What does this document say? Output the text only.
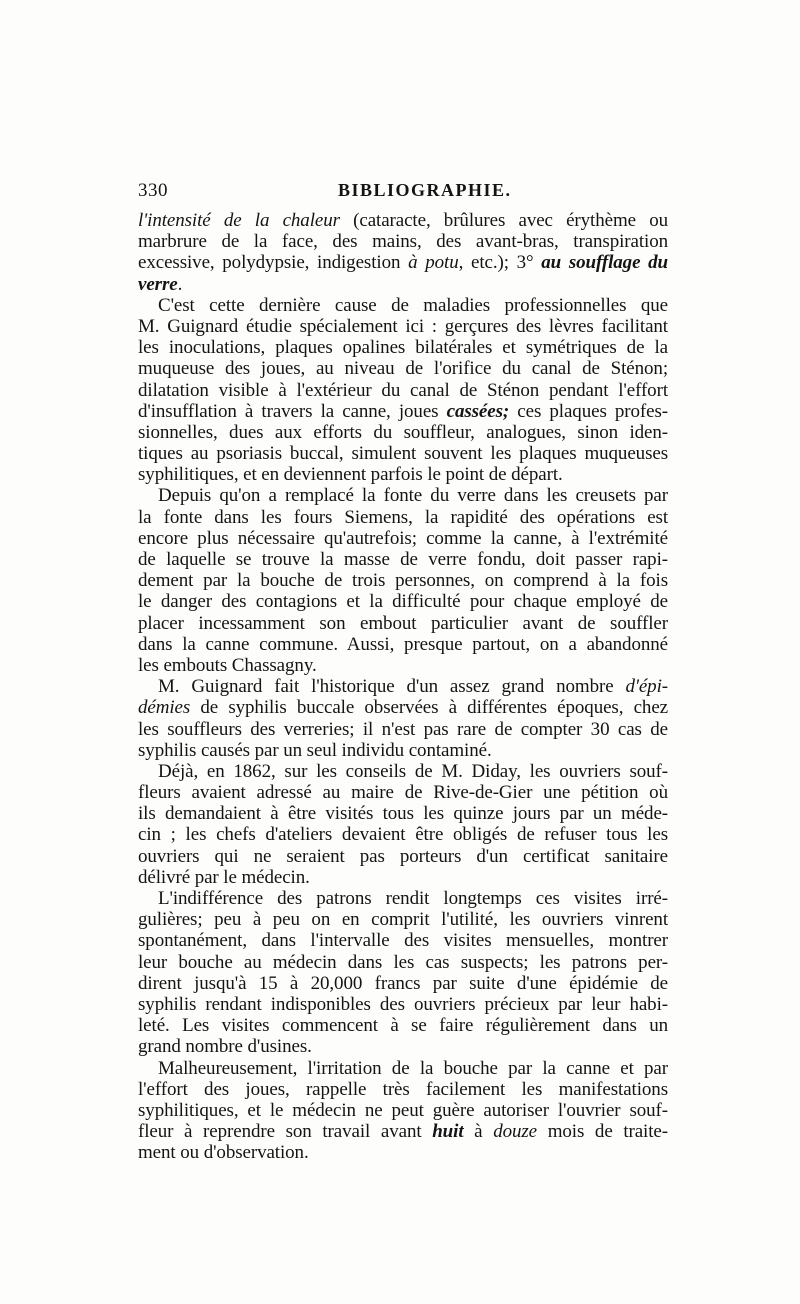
330	BIBLIOGRAPHIE.
l'intensité de la chaleur (cataracte, brûlures avec érythème ou
marbrure de la face, des mains, des avant-bras, transpiration
excessive, polydypsie, indigestion à potu, etc.); 3° au soufflage du
verre.
C'est cette dernière cause de maladies professionnelles que
M. Guignard étudie spécialement ici : gerçures des lèvres facilitant
les inoculations, plaques opalines bilatérales et symétriques de la
muqueuse des joues, au niveau de l'orifice du canal de Sténon;
dilatation visible à l'extérieur du canal de Sténon pendant l'effort
d'insufflation à travers la canne, joues cassées; ces plaques profes-
sionnelles, dues aux efforts du souffleur, analogues, sinon iden-
tiques au psoriasis buccal, simulent souvent les plaques muqueuses
syphilitiques, et en deviennent parfois le point de départ.
Depuis qu'on a remplacé la fonte du verre dans les creusets par
la fonte dans les fours Siemens, la rapidité des opérations est
encore plus nécessaire qu'autrefois; comme la canne, à l'extrémité
de laquelle se trouve la masse de verre fondu, doit passer rapi-
dement par la bouche de trois personnes, on comprend à la fois
le danger des contagions et la difficulté pour chaque employé de
placer incessamment son embout particulier avant de souffler
dans la canne commune. Aussi, presque partout, on a abandonné
les embouts Chassagny.
M. Guignard fait l'historique d'un assez grand nombre d'épi-
démies de syphilis buccale observées à différentes époques, chez
les souffleurs des verreries; il n'est pas rare de compter 30 cas de
syphilis causés par un seul individu contaminé.
Déjà, en 1862, sur les conseils de M. Diday, les ouvriers souf-
fleurs avaient adressé au maire de Rive-de-Gier une pétition où
ils demandaient à être visités tous les quinze jours par un méde-
cin ; les chefs d'ateliers devaient être obligés de refuser tous les
ouvriers qui ne seraient pas porteurs d'un certificat sanitaire
délivré par le médecin.
L'indifférence des patrons rendit longtemps ces visites irré-
gulières; peu à peu on en comprit l'utilité, les ouvriers vinrent
spontanément, dans l'intervalle des visites mensuelles, montrer
leur bouche au médecin dans les cas suspects; les patrons per-
dirent jusqu'à 15 à 20,000 francs par suite d'une épidémie de
syphilis rendant indisponibles des ouvriers précieux par leur habi-
leté. Les visites commencent à se faire régulièrement dans un
grand nombre d'usines.
Malheureusement, l'irritation de la bouche par la canne et par
l'effort des joues, rappelle très facilement les manifestations
syphilitiques, et le médecin ne peut guère autoriser l'ouvrier souf-
fleur à reprendre son travail avant huit à douze mois de traite-
ment ou d'observation.
